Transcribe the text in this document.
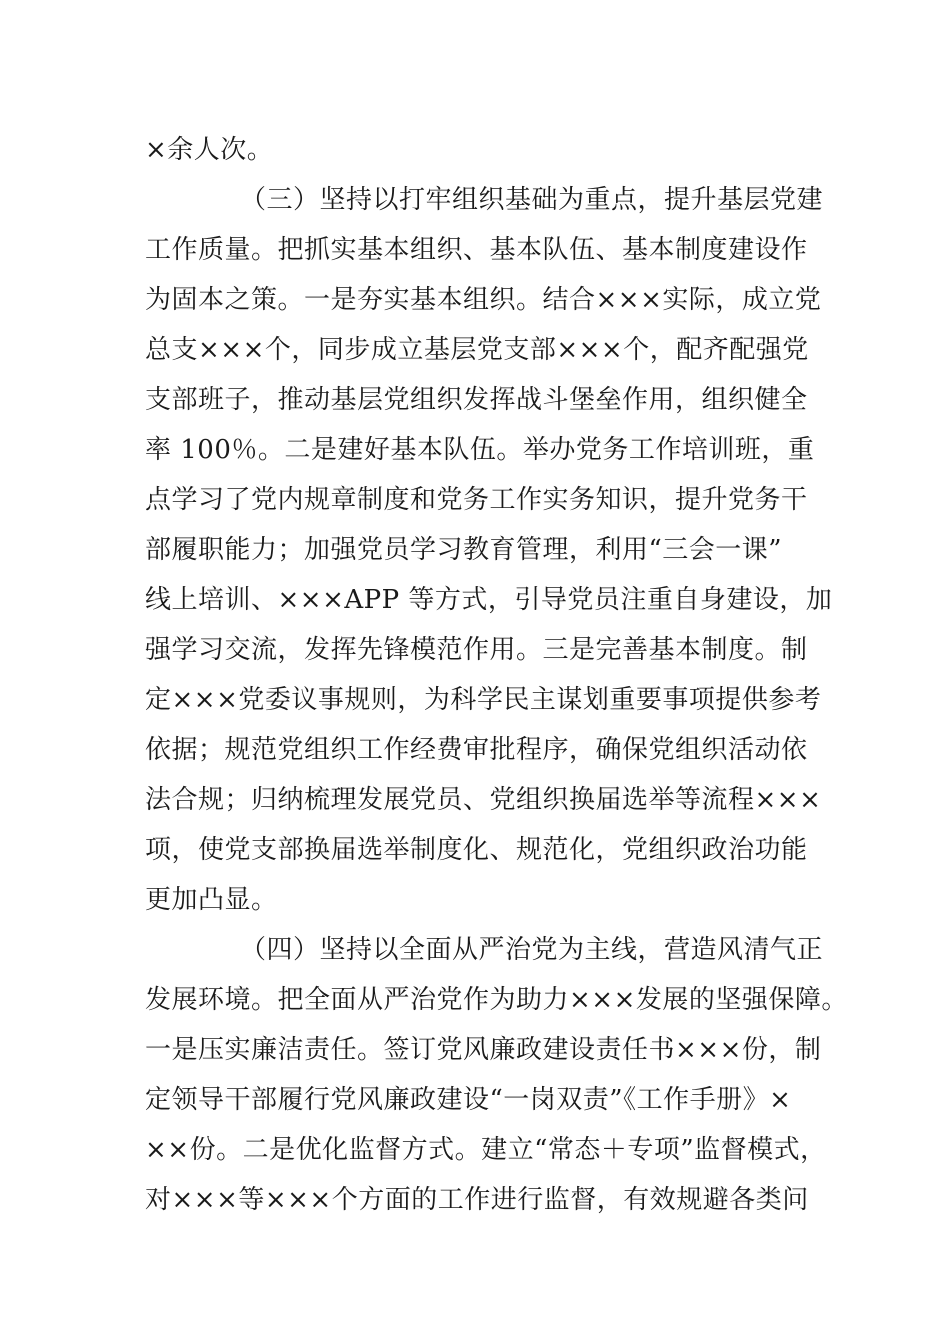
×余人次。
（三）坚持以打牢组织基础为重点，提升基层党建
工作质量。把抓实基本组织、基本队伍、基本制度建设作
为固本之策。一是夯实基本组织。结合×××实际，成立党
总支×××个，同步成立基层党支部×××个，配齐配强党
支部班子，推动基层党组织发挥战斗堡垒作用，组织健全
率 100％。二是建好基本队伍。举办党务工作培训班，重
点学习了党内规章制度和党务工作实务知识，提升党务干
部履职能力；加强党员学习教育管理，利用“三会一课”
线上培训、×××APP 等方式，引导党员注重自身建设，加
强学习交流，发挥先锋模范作用。三是完善基本制度。制
定×××党委议事规则，为科学民主谋划重要事项提供参考
依据；规范党组织工作经费审批程序，确保党组织活动依
法合规；归纳梳理发展党员、党组织换届选举等流程×××
项，使党支部换届选举制度化、规范化，党组织政治功能
更加凸显。
（四）坚持以全面从严治党为主线，营造风清气正
发展环境。把全面从严治党作为助力×××发展的坚强保障。
一是压实廉洁责任。签订党风廉政建设责任书×××份，制
定领导干部履行党风廉政建设“一岗双责”《工作手册》×
××份。二是优化监督方式。建立“常态＋专项”监督模式，
对×××等×××个方面的工作进行监督，有效规避各类问
